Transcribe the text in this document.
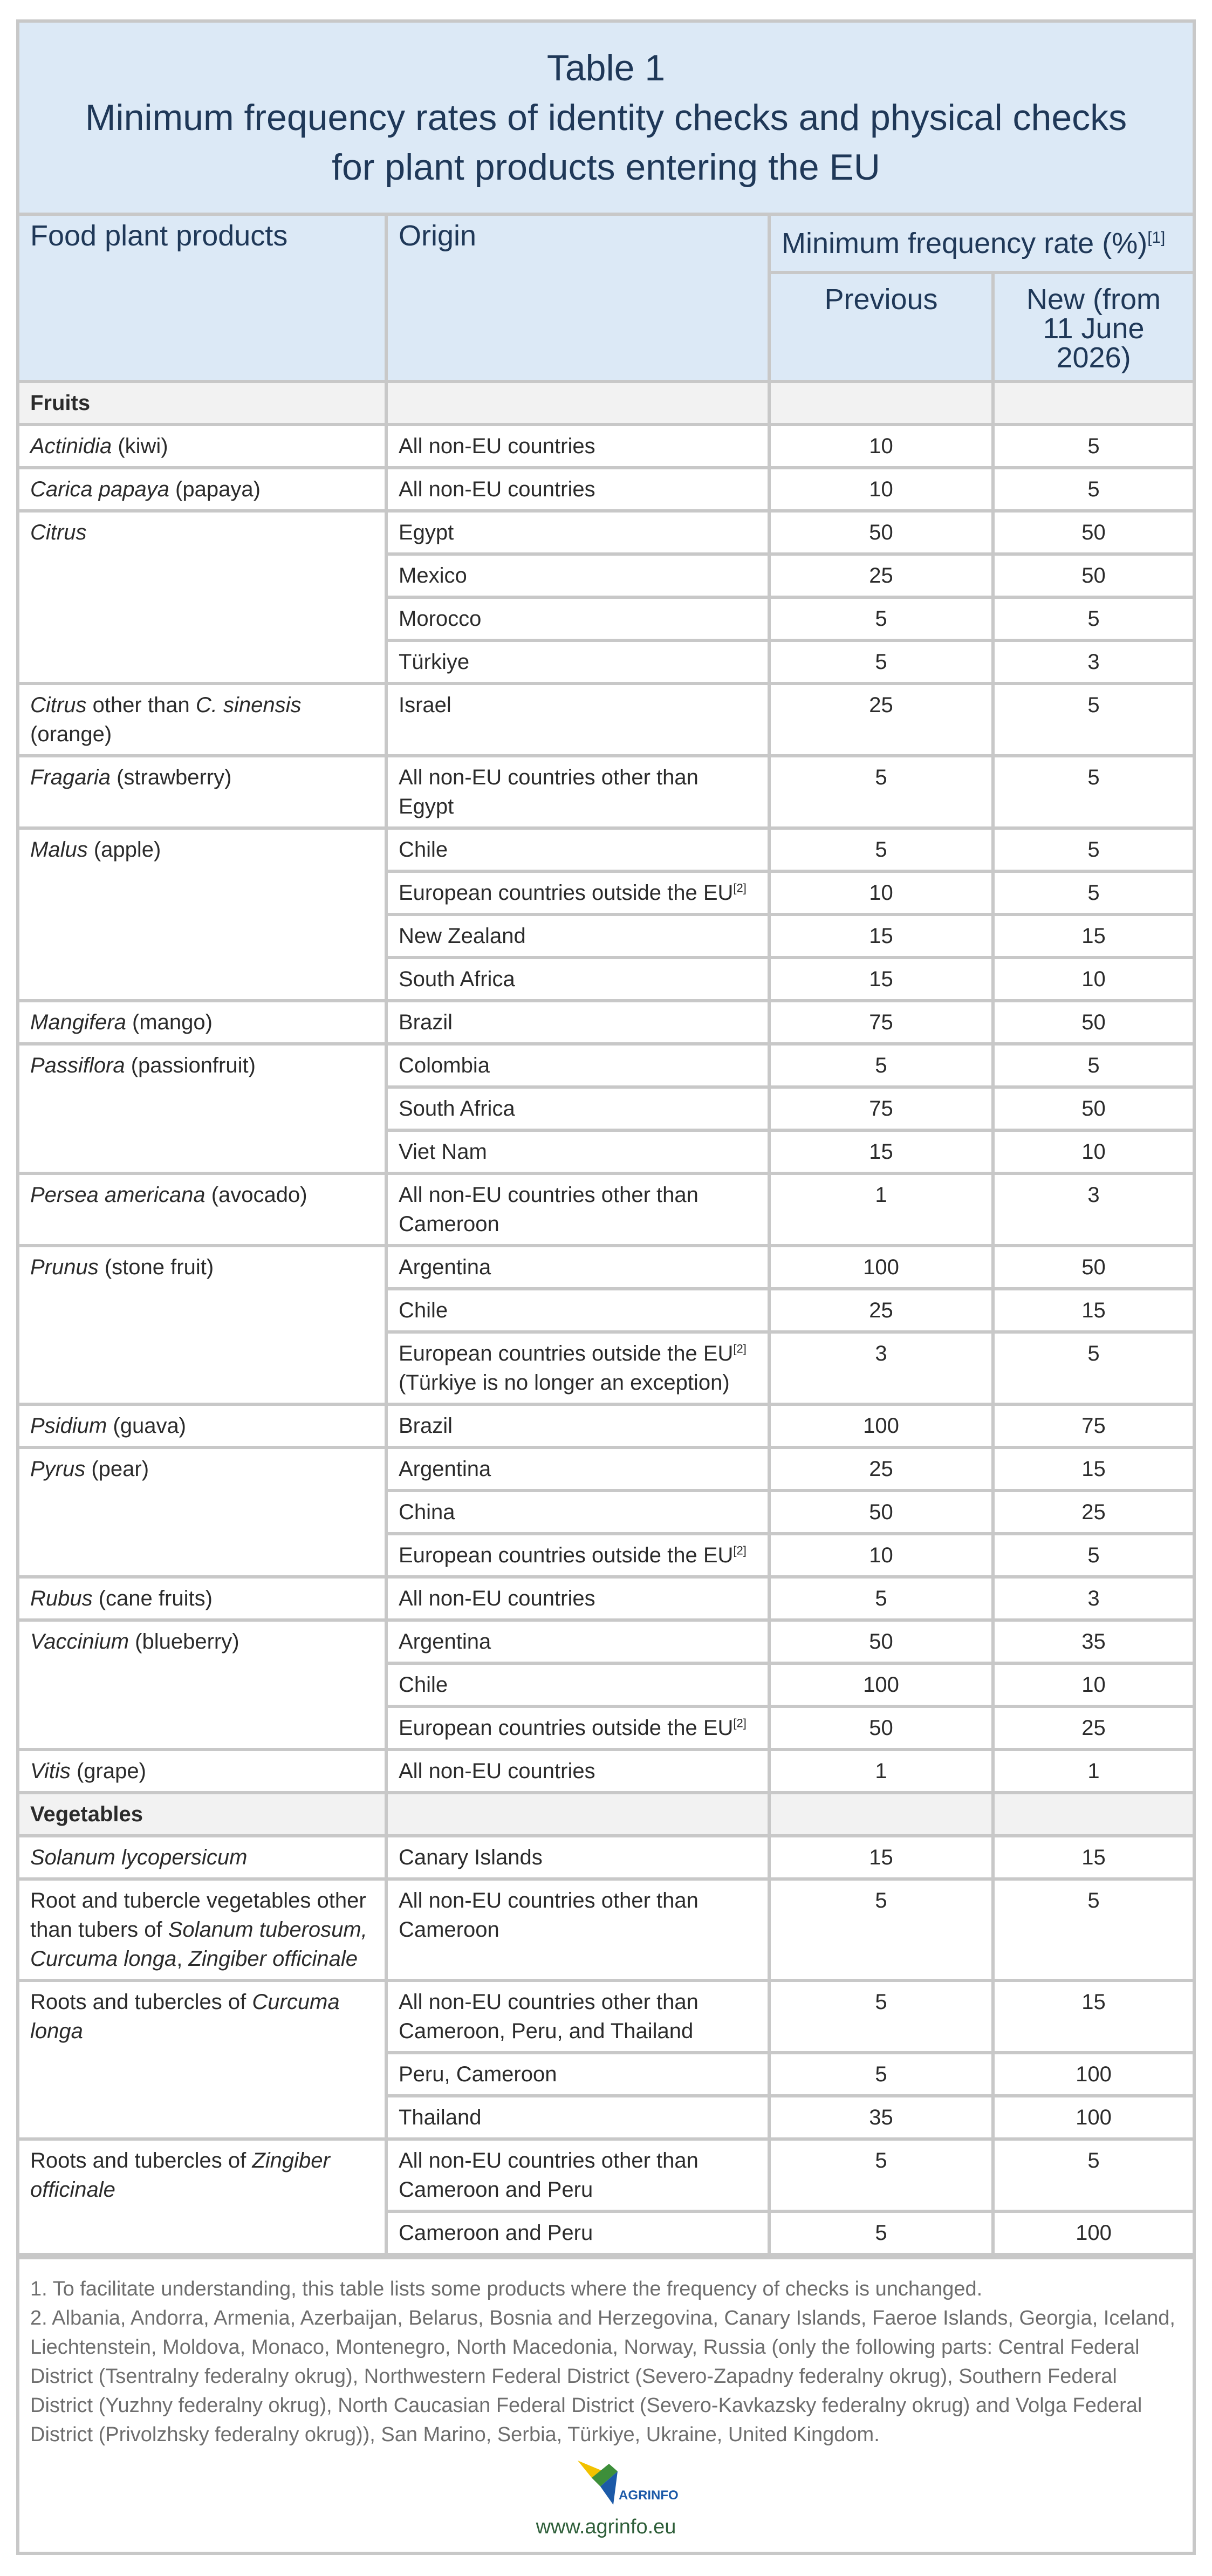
Table 1
Minimum frequency rates of identity checks and physical checks
for plant products entering the EU
Food plant products	Origin	Minimum frequency rate (%)[1]
		Previous	New (from
11 June 2026)
Fruits			
Actinidia (kiwi)	All non-EU countries	10	5
Carica papaya (papaya)	All non-EU countries	10	5
Citrus	Egypt	50	50
	Mexico	25	50
	Morocco	5	5
	Türkiye	5	3
Citrus other than C. sinensis (orange)	Israel	25	5
Fragaria (strawberry)	All non-EU countries other than Egypt	5	5
Malus (apple)	Chile	5	5
	European countries outside the EU[2]	10	5
	New Zealand	15	15
	South Africa	15	10
Mangifera (mango)	Brazil	75	50
Passiflora (passionfruit)	Colombia	5	5
	South Africa	75	50
	Viet Nam	15	10
Persea americana (avocado)	All non-EU countries other than Cameroon	1	3
Prunus (stone fruit)	Argentina	100	50
	Chile	25	15
	European countries outside the EU[2]
(Türkiye is no longer an exception)	3	5
Psidium (guava)	Brazil	100	75
Pyrus (pear)	Argentina	25	15
	China	50	25
	European countries outside the EU[2]	10	5
Rubus (cane fruits)	All non-EU countries	5	3
Vaccinium (blueberry)	Argentina	50	35
	Chile	100	10
	European countries outside the EU[2]	50	25
Vitis (grape)	All non-EU countries	1	1
Vegetables			
Solanum lycopersicum	Canary Islands	15	15
Root and tubercle vegetables other than tubers of Solanum tuberosum, Curcuma longa, Zingiber officinale	All non-EU countries other than Cameroon	5	5
Roots and tubercles of Curcuma longa	All non-EU countries other than Cameroon, Peru, and Thailand	5	15
	Peru, Cameroon	5	100
	Thailand	35	100
Roots and tubercles of Zingiber officinale	All non-EU countries other than Cameroon and Peru	5	5
	Cameroon and Peru	5	100

1. To facilitate understanding, this table lists some products where the frequency of checks is unchanged.

2. Albania, Andorra, Armenia, Azerbaijan, Belarus, Bosnia and Herzegovina, Canary Islands, Faeroe Islands, Georgia, Iceland, Liechtenstein, Moldova, Monaco, Montenegro, North Macedonia, Norway, Russia (only the following parts: Central Federal District (Tsentralny federalny okrug), Northwestern Federal District (Severo-Zapadny federalny okrug), Southern Federal District (Yuzhny federalny okrug), North Caucasian Federal District (Severo-Kavkazsky federalny okrug) and Volga Federal District (Privolzhsky federalny okrug)), San Marino, Serbia, Türkiye, Ukraine, United Kingdom.

AGRINFO
www.agrinfo.eu
